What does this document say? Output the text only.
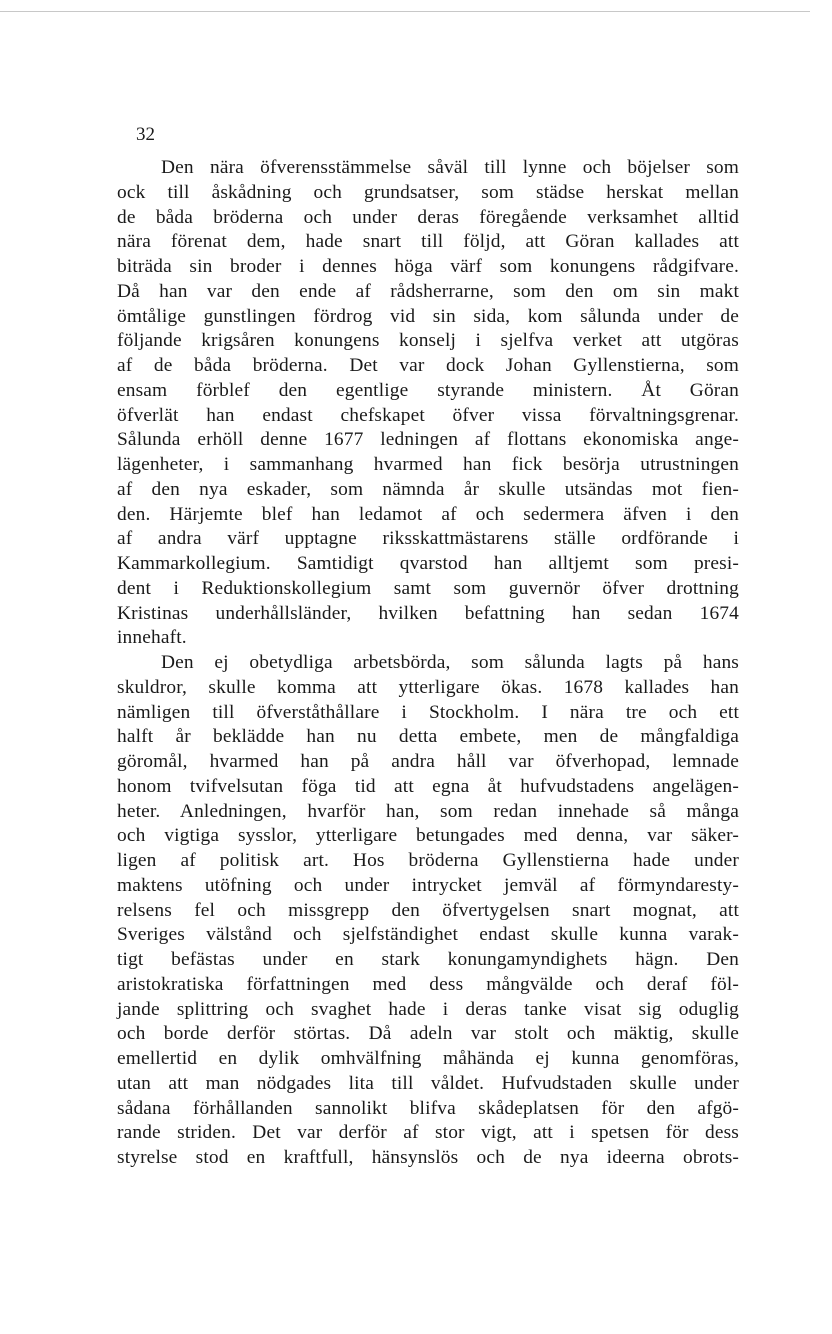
32
Den nära öfverensstämmelse såväl till lynne och böjelser som
ock till åskådning och grundsatser, som städse herskat mellan
de båda bröderna och under deras föregående verksamhet alltid
nära förenat dem, hade snart till följd, att Göran kallades att
biträda sin broder i dennes höga värf som konungens rådgifvare.
Då han var den ende af rådsherrarne, som den om sin makt
ömtålige gunstlingen fördrog vid sin sida, kom sålunda under de
följande krigsåren konungens konselj i sjelfva verket att utgöras
af de båda bröderna. Det var dock Johan Gyllenstierna, som
ensam förblef den egentlige styrande ministern. Åt Göran
öfverlät han endast chefskapet öfver vissa förvaltningsgrenar.
Sålunda erhöll denne 1677 ledningen af flottans ekonomiska ange-
lägenheter, i sammanhang hvarmed han fick besörja utrustningen
af den nya eskader, som nämnda år skulle utsändas mot fien-
den. Härjemte blef han ledamot af och sedermera äfven i den
af andra värf upptagne riksskattmästarens ställe ordförande i
Kammarkollegium. Samtidigt qvarstod han alltjemt som presi-
dent i Reduktionskollegium samt som guvernör öfver drottning
Kristinas underhållsländer, hvilken befattning han sedan 1674
innehaft.
Den ej obetydliga arbetsbörda, som sålunda lagts på hans
skuldror, skulle komma att ytterligare ökas. 1678 kallades han
nämligen till öfverståthållare i Stockholm. I nära tre och ett
halft år beklädde han nu detta embete, men de mångfaldiga
göromål, hvarmed han på andra håll var öfverhopad, lemnade
honom tvifvelsutan föga tid att egna åt hufvudstadens angelägen-
heter. Anledningen, hvarför han, som redan innehade så många
och vigtiga sysslor, ytterligare betungades med denna, var säker-
ligen af politisk art. Hos bröderna Gyllenstierna hade under
maktens utöfning och under intrycket jemväl af förmyndaresty-
relsens fel och missgrepp den öfvertygelsen snart mognat, att
Sveriges välstånd och sjelfständighet endast skulle kunna varak-
tigt befästas under en stark konungamyndighets hägn. Den
aristokratiska författningen med dess mångvälde och deraf föl-
jande splittring och svaghet hade i deras tanke visat sig oduglig
och borde derför störtas. Då adeln var stolt och mäktig, skulle
emellertid en dylik omhvälfning måhända ej kunna genomföras,
utan att man nödgades lita till våldet. Hufvudstaden skulle under
sådana förhållanden sannolikt blifva skådeplatsen för den afgö-
rande striden. Det var derför af stor vigt, att i spetsen för dess
styrelse stod en kraftfull, hänsynslös och de nya ideerna obrots-
